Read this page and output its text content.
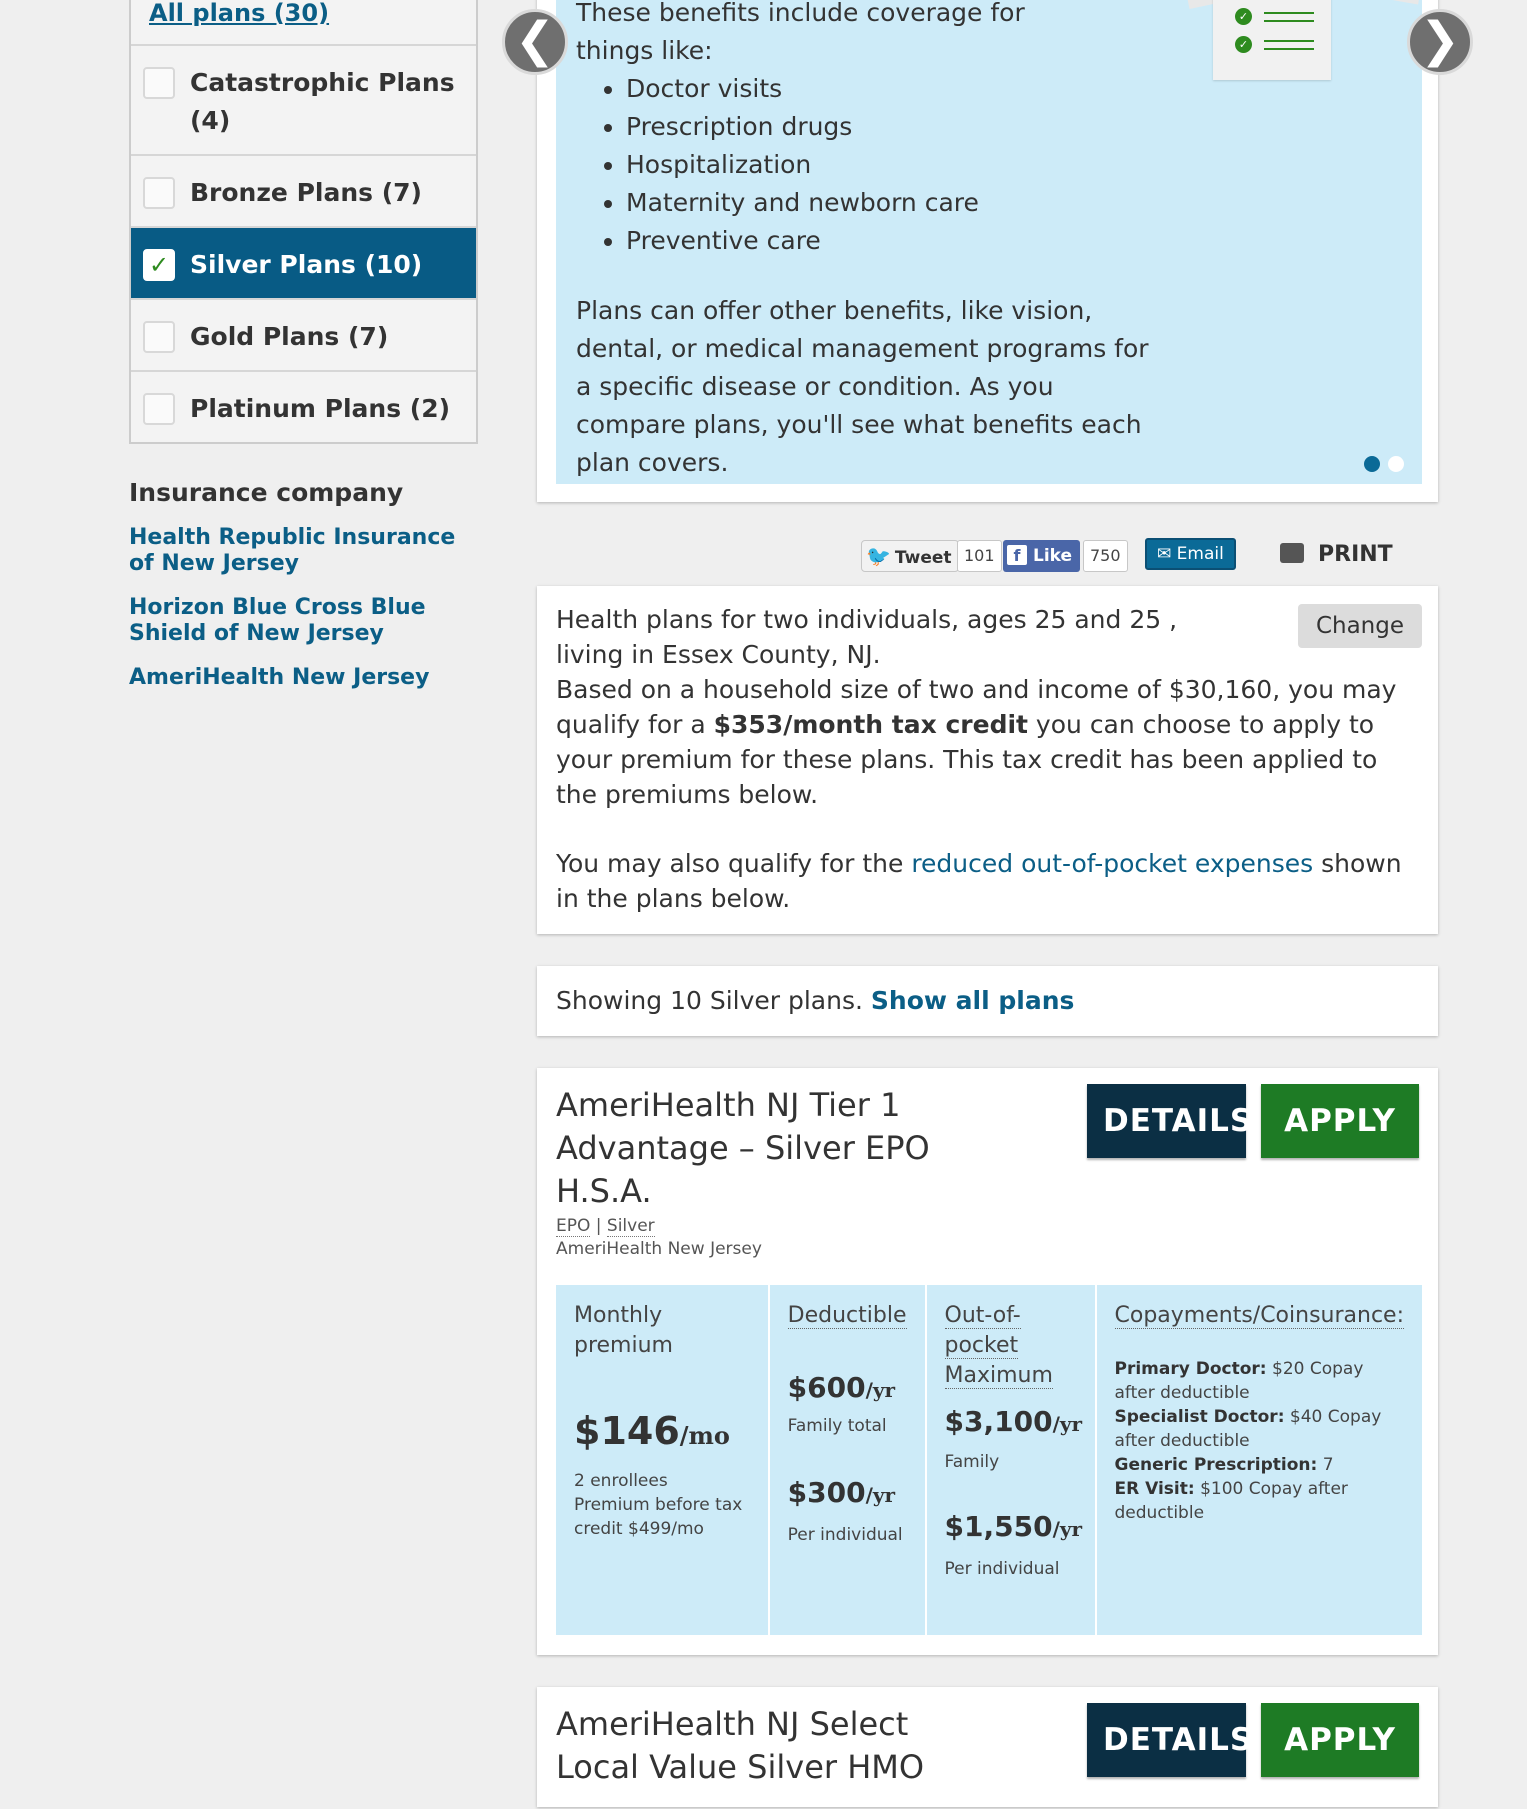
All plans (30)
Catastrophic Plans (4)
Bronze Plans (7)
✓ Silver Plans (10)
Gold Plans (7)
Platinum Plans (2)
Insurance company
Health Republic Insurance of New Jersey
Horizon Blue Cross Blue Shield of New Jersey
AmeriHealth New Jersey

These benefits include coverage for things like:

• Doctor visits
• Prescription drugs
• Hospitalization
• Maternity and newborn care
• Preventive care

Plans can offer other benefits, like vision, dental, or medical management programs for a specific disease or condition. As you compare plans, you'll see what benefits each plan covers.

✓
✓
❮	❯
🐦 Tweet 101	f Like	750	✉ Email	PRINT

Health plans for two individuals, ages 25 and 25 , living in Essex County, NJ.

Change

Based on a household size of two and income of $30,160, you may qualify for a $353/month tax credit you can choose to apply to your premium for these plans. This tax credit has been applied to the premiums below.

You may also qualify for the reduced out-of-pocket expenses shown in the plans below.

Showing 10 Silver plans. Show all plans
AmeriHealth NJ Tier 1 Advantage – Silver EPO H.S.A.
EPO | Silver
AmeriHealth New Jersey
DETAILS APPLY
Monthly premium
$146/mo
2 enrollees
Premium before tax credit $499/mo
Deductible
$600/yr
Family total
$300/yr
Per individual
Out-of-pocket Maximum
$3,100/yr
Family
$1,550/yr
Per individual
Copayments/Coinsurance:
Primary Doctor: $20 Copay after deductible
Specialist Doctor: $40 Copay after deductible
Generic Prescription: 7
ER Visit: $100 Copay after deductible
AmeriHealth NJ Select Local Value Silver HMO
DETAILS APPLY
